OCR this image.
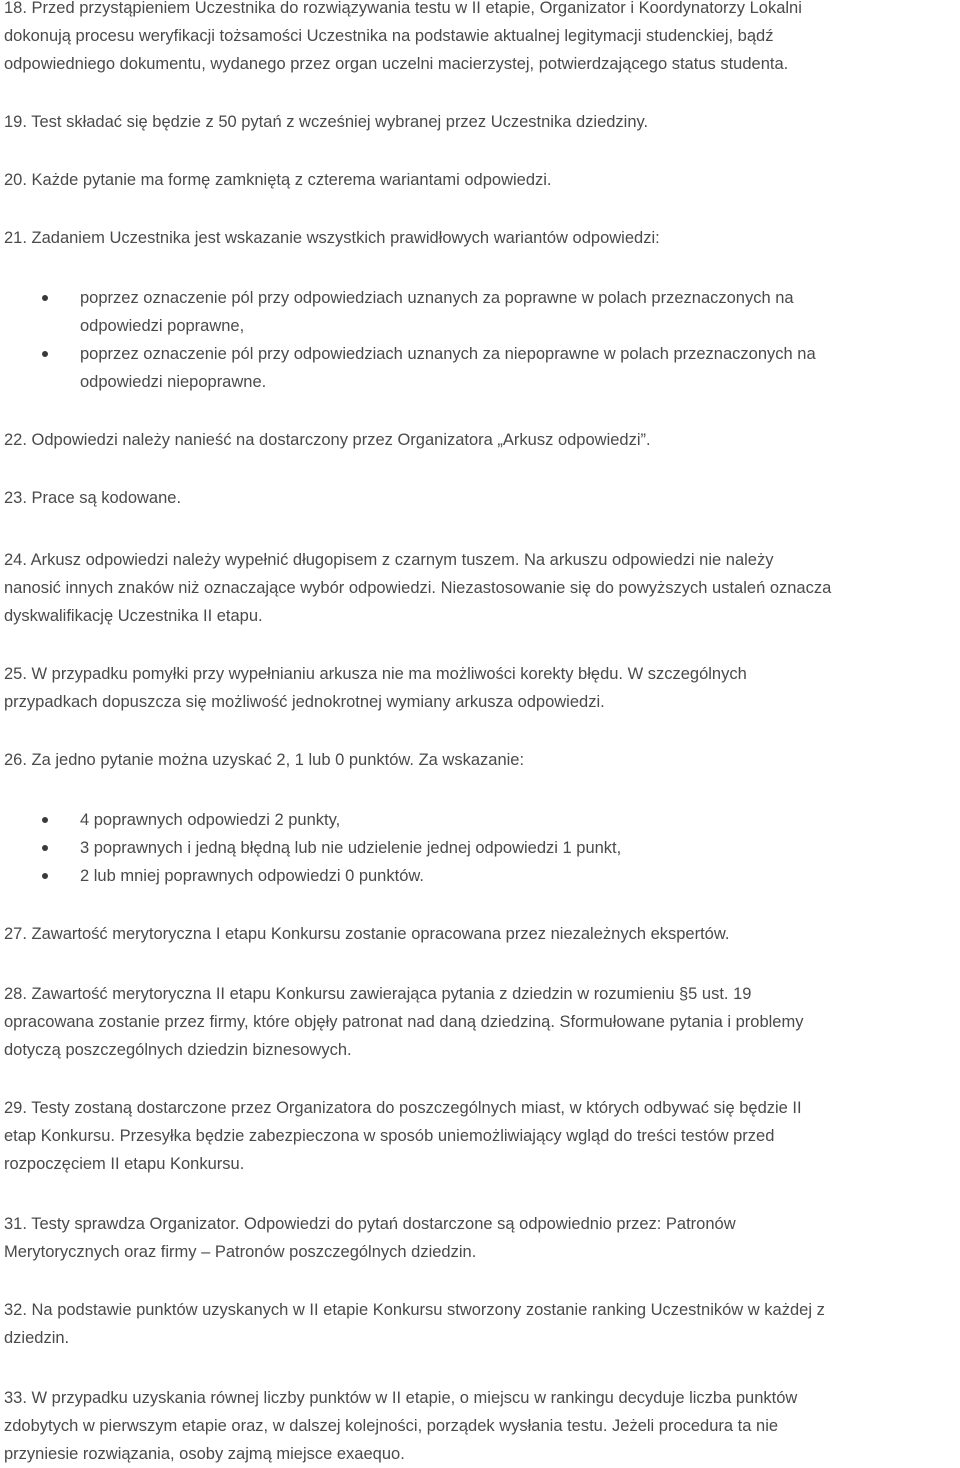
18. Przed przystąpieniem Uczestnika do rozwiązywania testu w II etapie, Organizator i Koordynatorzy Lokalni
dokonują procesu weryfikacji tożsamości Uczestnika na podstawie aktualnej legitymacji studenckiej, bądź
odpowiedniego dokumentu, wydanego przez organ uczelni macierzystej, potwierdzającego status studenta.

19. Test składać się będzie z 50 pytań z wcześniej wybranej przez Uczestnika dziedziny.

20. Każde pytanie ma formę zamkniętą z czterema wariantami odpowiedzi.

21. Zadaniem Uczestnika jest wskazanie wszystkich prawidłowych wariantów odpowiedzi:

poprzez oznaczenie pól przy odpowiedziach uznanych za poprawne w polach przeznaczonych na
odpowiedzi poprawne,
poprzez oznaczenie pól przy odpowiedziach uznanych za niepoprawne w polach przeznaczonych na
odpowiedzi niepoprawne.

22. Odpowiedzi należy nanieść na dostarczony przez Organizatora „Arkusz odpowiedzi”.

23. Prace są kodowane.

24. Arkusz odpowiedzi należy wypełnić długopisem z czarnym tuszem. Na arkuszu odpowiedzi nie należy
nanosić innych znaków niż oznaczające wybór odpowiedzi. Niezastosowanie się do powyższych ustaleń oznacza
dyskwalifikację Uczestnika II etapu.

25. W przypadku pomyłki przy wypełnianiu arkusza nie ma możliwości korekty błędu. W szczególnych
przypadkach dopuszcza się możliwość jednokrotnej wymiany arkusza odpowiedzi.

26. Za jedno pytanie można uzyskać 2, 1 lub 0 punktów. Za wskazanie:

4 poprawnych odpowiedzi 2 punkty,
3 poprawnych i jedną błędną lub nie udzielenie jednej odpowiedzi 1 punkt,
2 lub mniej poprawnych odpowiedzi 0 punktów.

27. Zawartość merytoryczna I etapu Konkursu zostanie opracowana przez niezależnych ekspertów.

28. Zawartość merytoryczna II etapu Konkursu zawierająca pytania z dziedzin w rozumieniu §5 ust. 19
opracowana zostanie przez firmy, które objęły patronat nad daną dziedziną. Sformułowane pytania i problemy
dotyczą poszczególnych dziedzin biznesowych.

29. Testy zostaną dostarczone przez Organizatora do poszczególnych miast, w których odbywać się będzie II
etap Konkursu. Przesyłka będzie zabezpieczona w sposób uniemożliwiający wgląd do treści testów przed
rozpoczęciem II etapu Konkursu.

31. Testy sprawdza Organizator. Odpowiedzi do pytań dostarczone są odpowiednio przez: Patronów
Merytorycznych oraz firmy – Patronów poszczególnych dziedzin.

32. Na podstawie punktów uzyskanych w II etapie Konkursu stworzony zostanie ranking Uczestników w każdej z
dziedzin.

33. W przypadku uzyskania równej liczby punktów w II etapie, o miejscu w rankingu decyduje liczba punktów
zdobytych w pierwszym etapie oraz, w dalszej kolejności, porządek wysłania testu. Jeżeli procedura ta nie
przyniesie rozwiązania, osoby zajmą miejsce exaequo.
